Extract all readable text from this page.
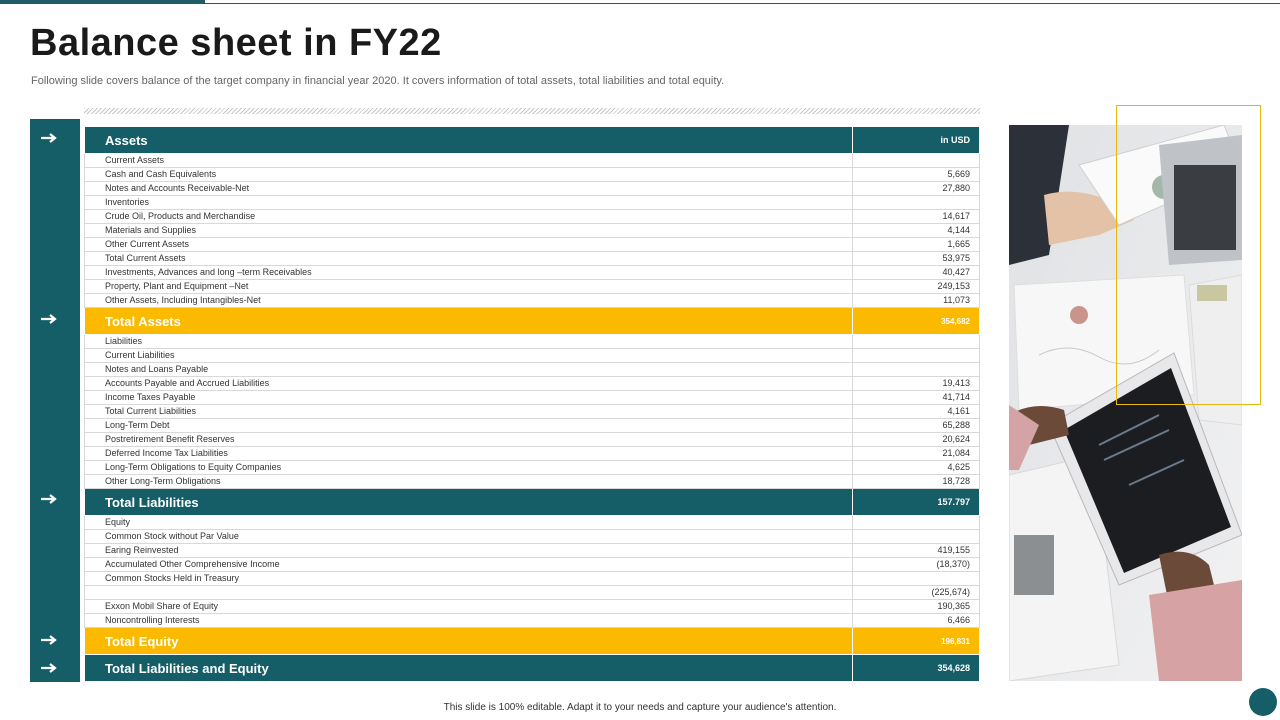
Balance sheet in FY22

Following slide covers balance of the target company in financial year 2020. It covers information of total assets, total liabilities and total equity.

Assets	in USD
Current Assets	
Cash and Cash Equivalents	5,669
Notes and Accounts Receivable-Net	27,880
Inventories	
Crude Oil, Products and Merchandise	14,617
Materials and Supplies	4,144
Other Current Assets	1,665
Total Current Assets	53,975
Investments, Advances and long –term Receivables	40,427
Property, Plant and Equipment –Net	249,153
Other Assets, Including Intangibles-Net	11,073
Total Assets	354,682
Liabilities	
Current Liabilities	
Notes and Loans Payable	
Accounts Payable and Accrued Liabilities	19,413
Income Taxes Payable	41,714
Total Current Liabilities	4,161
Long-Term Debt	65,288
Postretirement Benefit Reserves	20,624
Deferred Income Tax Liabilities	21,084
Long-Term Obligations to Equity Companies	4,625
Other Long-Term Obligations	18,728
Total Liabilities	157.797
Equity	
Common Stock without Par Value	
Earing Reinvested	419,155
Accumulated Other Comprehensive Income	(18,370)
Common Stocks Held in Treasury	
	(225,674)
Exxon Mobil Share of Equity	190,365
Noncontrolling Interests	6,466
Total Equity	196,831
Total Liabilities and Equity	354,628

This slide is 100% editable. Adapt it to your needs and capture your audience's attention.
